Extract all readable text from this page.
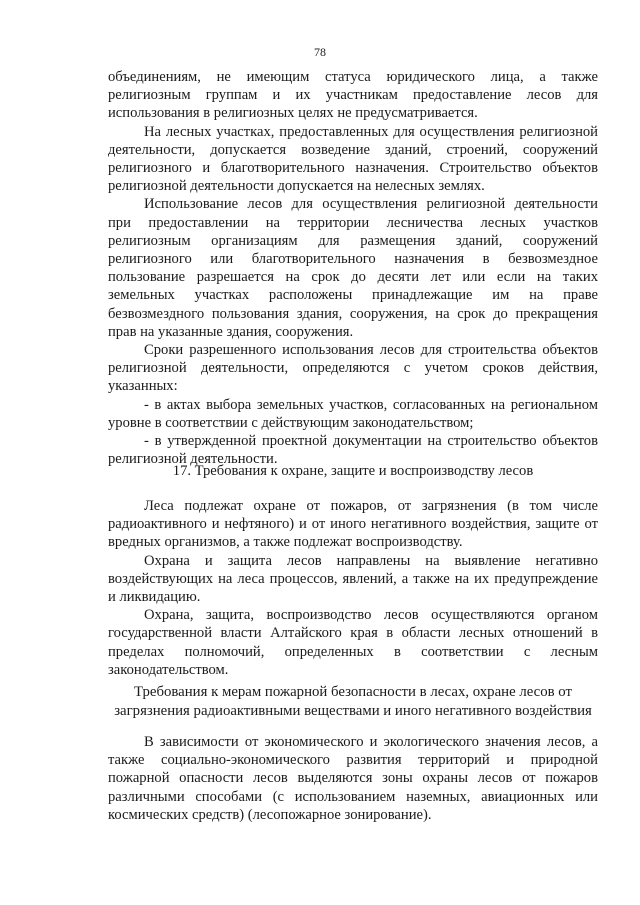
78

объединениям, не имеющим статуса юридического лица, а также

религиозным группам и их участникам предоставление лесов для

использования в религиозных целях не предусматривается.

На лесных участках, предоставленных для осуществления религиозной

деятельности, допускается возведение зданий, строений, сооружений

религиозного и благотворительного назначения. Строительство объектов

религиозной деятельности допускается на нелесных землях.

Использование лесов для осуществления религиозной деятельности

при предоставлении на территории лесничества лесных участков

религиозным организациям для размещения зданий, сооружений

религиозного или благотворительного назначения в безвозмездное

пользование разрешается на срок до десяти лет или если на таких

земельных участках расположены принадлежащие им на праве

безвозмездного пользования здания, сооружения, на срок до прекращения

прав на указанные здания, сооружения.

Сроки разрешенного использования лесов для строительства объектов

религиозной деятельности, определяются с учетом сроков действия,

указанных:

- в актах выбора земельных участков, согласованных на региональном

уровне в соответствии с действующим законодательством;

- в утвержденной проектной документации на строительство объектов

религиозной деятельности.

17. Требования к охране, защите и воспроизводству лесов

Леса подлежат охране от пожаров, от загрязнения (в том числе

радиоактивного и нефтяного) и от иного негативного воздействия, защите от

вредных организмов, а также подлежат воспроизводству.

Охрана и защита лесов направлены на выявление негативно

воздействующих на леса процессов, явлений, а также на их предупреждение

и ликвидацию.

Охрана, защита, воспроизводство лесов осуществляются органом

государственной власти Алтайского края в области лесных отношений в

пределах полномочий, определенных в соответствии с лесным

законодательством.

Требования к мерам пожарной безопасности в лесах, охране лесов от

загрязнения радиоактивными веществами и иного негативного воздействия

В зависимости от экономического и экологического значения лесов, а

также социально-экономического развития территорий и природной

пожарной опасности лесов выделяются зоны охраны лесов от пожаров

различными способами (с использованием наземных, авиационных или

космических средств) (лесопожарное зонирование).
